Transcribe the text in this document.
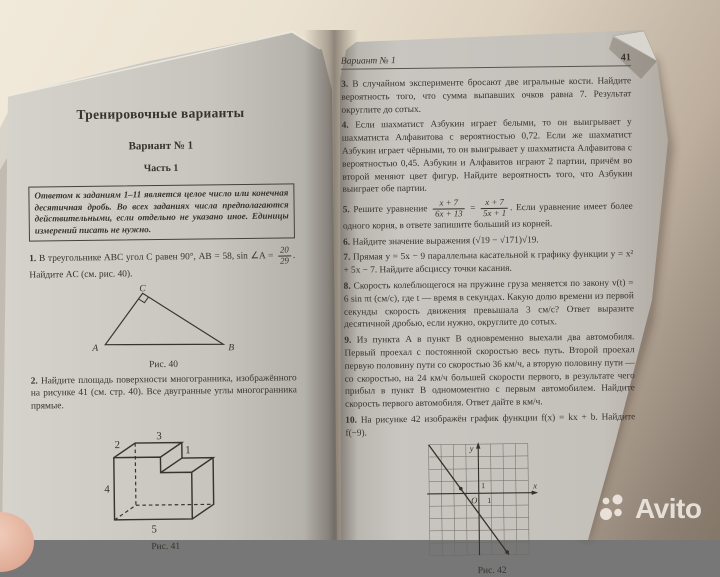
Тренировочные варианты
Вариант № 1
Часть 1
Ответом к заданиям 1–11 является целое число или конечная десятичная дробь. Во всех заданиях числа предполагаются действительными, если отдельно не указано иное. Единицы измерений писать не нужно.
1. В треугольнике ABC угол C равен 90°, AB = 58, sin ∠A = $\frac{20}{29}$ . Найдите AC (см. рис. 40).
A	B
C
Рис. 40
2. Найдите площадь поверхности многогранника, изображённого на рисунке 41 (см. стр. 40). Все двугранные углы многогранника прямые.
2
3
1
4
5
Рис. 41
Вариант № 1	41
3. В случайном эксперименте бросают две игральные кости. Найдите вероятность того, что сумма выпавших очков равна 7. Результат округлите до сотых.
4. Если шахматист Азбукин играет белыми, то он выигрывает у шахматиста Алфавитова с вероятностью 0,72. Если же шахматист Азбукин играет чёрными, то он выигрывает у шахматиста Алфавитова с вероятностью 0,45. Азбукин и Алфавитов играют 2 партии, причём во второй меняют цвет фигур. Найдите вероятность того, что Азбукин выиграет обе партии.
5. Решите уравнение $\frac{x + 7}{6x + 13} = \frac{x + 7}{5x + 1}$ . Если уравнение имеет более одного корня, в ответе запишите больший из корней.
6. Найдите значение выражения (√19 − √171)√19.
7. Прямая y = 5x − 9 параллельна касательной к графику функции y = x² + 5x − 7. Найдите абсциссу точки касания.
8. Скорость колеблющегося на пружине груза меняется по закону v(t) = 6 sin πt (см/с), где t — время в секундах. Какую долю времени из первой секунды скорость движения превышала 3 см/с? Ответ выразите десятичной дробью, если нужно, округлите до сотых.
9. Из пункта A в пункт B одновременно выехали два автомобиля. Первый проехал с постоянной скоростью весь путь. Второй проехал первую половину пути со скоростью 36 км/ч, а вторую половину пути — со скоростью, на 24 км/ч большей скорости первого, в результате чего прибыл в пункт B одномоментно с первым автомобилем. Найдите скорость первого автомобиля. Ответ дайте в км/ч.
10. На рисунке 42 изображён график функции f(x) = kx + b. Найдите f(−9).
y
x
O
1
1
Рис. 42
Avito
